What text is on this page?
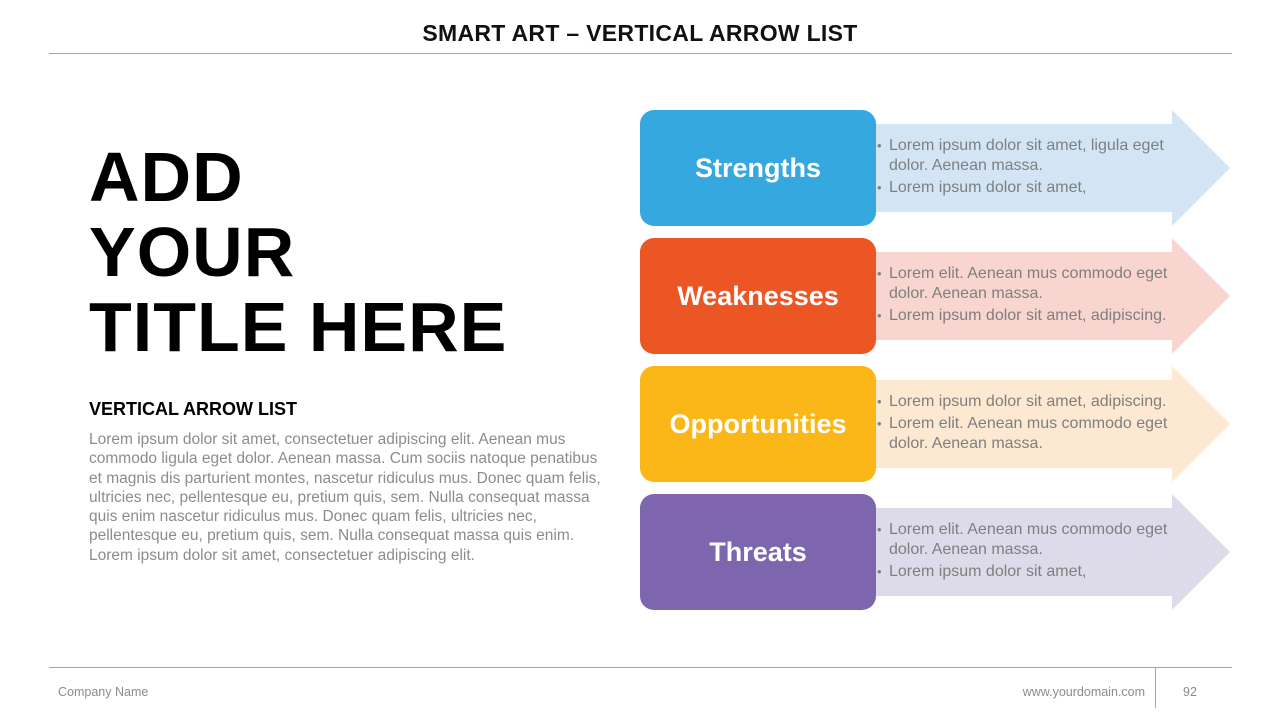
SMART ART – VERTICAL ARROW LIST
ADD
YOUR
TITLE HERE
VERTICAL ARROW LIST
Lorem ipsum dolor sit amet, consectetuer adipiscing elit. Aenean mus commodo ligula eget dolor. Aenean massa. Cum sociis natoque penatibus et magnis dis parturient montes, nascetur ridiculus mus. Donec quam felis, ultricies nec, pellentesque eu, pretium quis, sem. Nulla consequat massa quis enim nascetur ridiculus mus. Donec quam felis, ultricies nec, pellentesque eu, pretium quis, sem. Nulla consequat massa quis enim. Lorem ipsum dolor sit amet, consectetuer adipiscing elit.
Strengths
• Lorem ipsum dolor sit amet, ligula eget dolor. Aenean massa.
• Lorem ipsum dolor sit amet,
Weaknesses
• Lorem elit. Aenean mus commodo eget dolor. Aenean massa.
• Lorem ipsum dolor sit amet, adipiscing.
Opportunities
• Lorem ipsum dolor sit amet, adipiscing.
• Lorem elit. Aenean mus commodo eget dolor. Aenean massa.
Threats
• Lorem elit. Aenean mus commodo eget dolor. Aenean massa.
• Lorem ipsum dolor sit amet,
Company Name	www.yourdomain.com	92
